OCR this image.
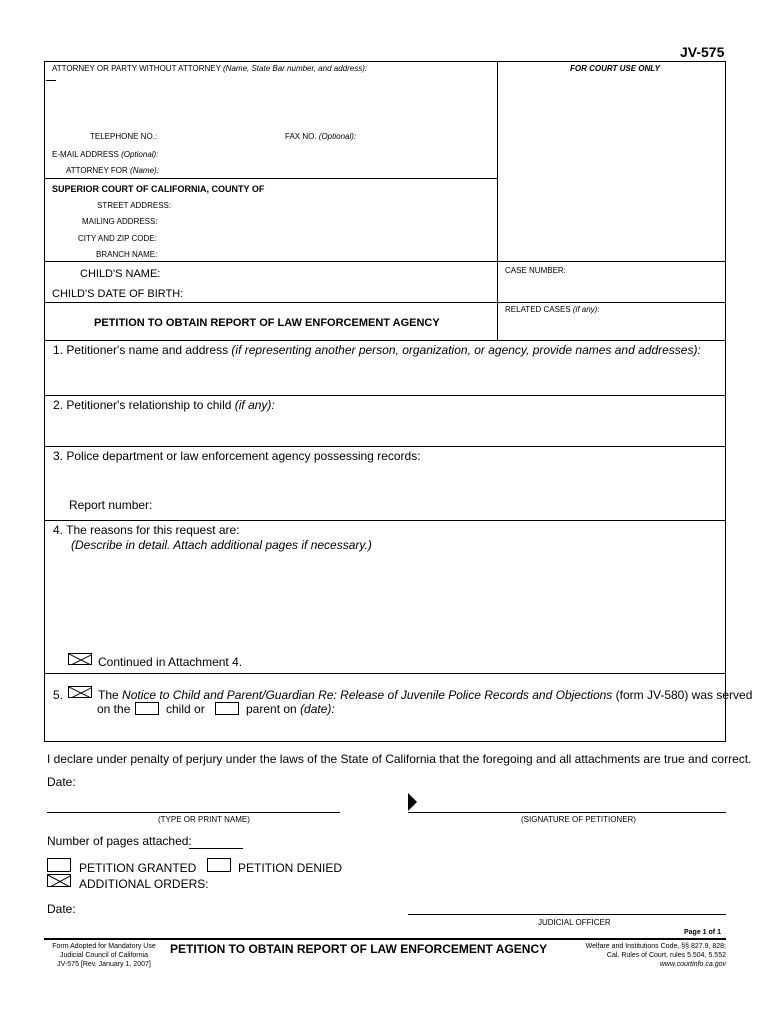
JV-575
ATTORNEY OR PARTY WITHOUT ATTORNEY (Name, State Bar number, and address):	FOR COURT USE ONLY
TELEPHONE NO.:	FAX NO. (Optional):
E-MAIL ADDRESS (Optional):
ATTORNEY FOR (Name):
SUPERIOR COURT OF CALIFORNIA, COUNTY OF
STREET ADDRESS:
MAILING ADDRESS:
CITY AND ZIP CODE:
BRANCH NAME:
CHILD'S NAME:
CHILD'S DATE OF BIRTH:
CASE NUMBER:
PETITION TO OBTAIN REPORT OF LAW ENFORCEMENT AGENCY
RELATED CASES (if any):
1. Petitioner's name and address (if representing another person, organization, or agency, provide names and addresses):
2. Petitioner's relationship to child (if any):
3. Police department or law enforcement agency possessing records:
Report number:
4. The reasons for this request are:
(Describe in detail. Attach additional pages if necessary.)
Continued in Attachment 4.
5.	The Notice to Child and Parent/Guardian Re: Release of Juvenile Police Records and Objections (form JV-580) was served
on the	child or	parent on (date):
I declare under penalty of perjury under the laws of the State of California that the foregoing and all attachments are true and correct.
Date:
(TYPE OR PRINT NAME)	(SIGNATURE OF PETITIONER)
Number of pages attached:
PETITION GRANTED	PETITION DENIED
ADDITIONAL ORDERS:
Date:
JUDICIAL OFFICER
Page 1 of 1
Form Adopted for Mandatory Use
Judicial Council of California
JV-575 [Rev. January 1, 2007]
PETITION TO OBTAIN REPORT OF LAW ENFORCEMENT AGENCY	Welfare and Institutions Code, §§ 827.9, 828;
Cal. Rules of Court, rules 5.504, 5.552
www.courtinfo.ca.gov
